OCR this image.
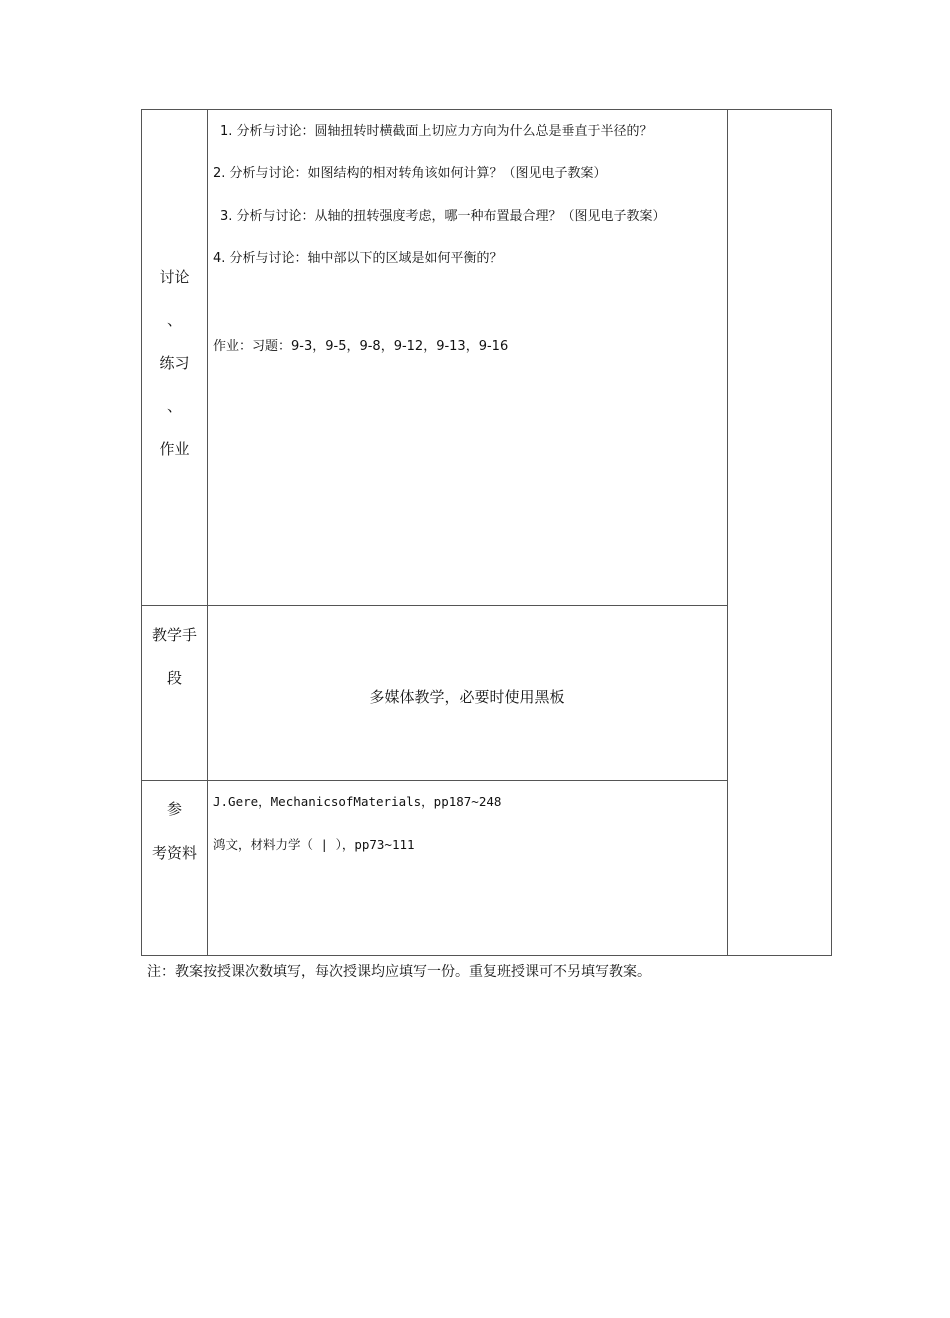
讨论
、
练习
、
作业
1. 分析与讨论：圆轴扭转时横截面上切应力方向为什么总是垂直于半径的？
2. 分析与讨论：如图结构的相对转角该如何计算？（图见电子教案）
3. 分析与讨论：从轴的扭转强度考虑，哪一种布置最合理？（图见电子教案）
4. 分析与讨论：轴中部以下的区域是如何平衡的？
作业：习题：9-3，9-5，9-8，9-12，9-13，9-16
教学手
段
多媒体教学，必要时使用黑板
参
考资料
J.Gere，MechanicsofMaterials，pp187~248
鸿文，材料力学（ | ），pp73~111
注：教案按授课次数填写，每次授课均应填写一份。重复班授课可不另填写教案。
